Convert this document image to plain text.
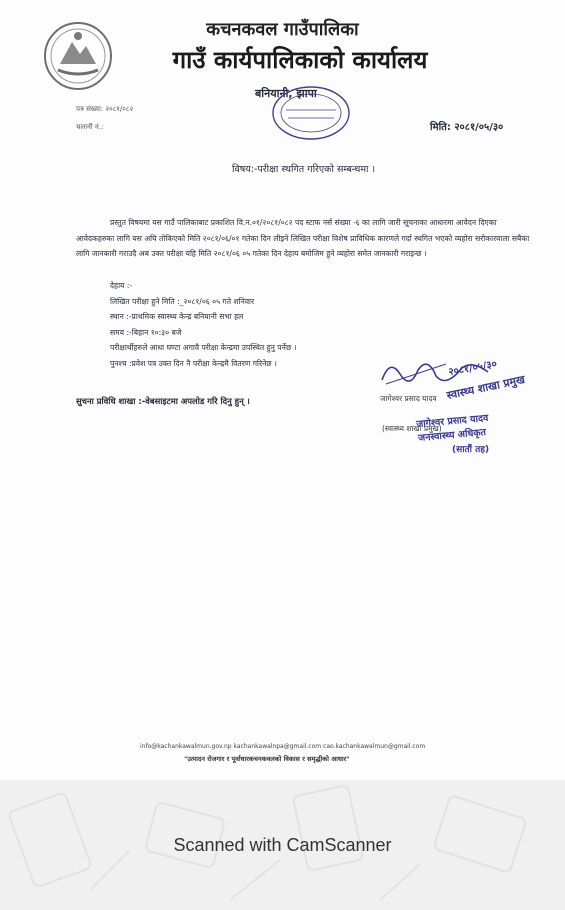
कचनकवल गाउँपालिका
गाउँ कार्यपालिकाको कार्यालय
बनियानी, झापा
पत्र संख्या: २०८१/०८२
चलानी नं.:	मिति: २०८१/०५/३०
विषय:-परीक्षा स्थगित गरिएको सम्बन्धमा ।

प्रस्तुत विषयमा यस गाउँ पालिकाबाट प्रकाशित वि.न.०१/२०८१/०८२ पद स्टाफ नर्स संख्या -६ का लागि जारी सूचनाका आधारमा आवेदन दिएका आवेदकहरुका लागि यस अघि तोकिएको मिति २०८१/०६/०१ गतेका दिन लीइने लिखित परीक्षा विशेष प्राविधिक कारणले गर्दा स्थगित भएको व्यहोरा सरोकारवाला सबैका लागि जानकारी गराउदै अब उक्त परीक्षा यहि मिति २०८१/०६ ०५ गतेका दिन देहाय बमोजिम हुने व्यहोरा समेत जानकारी गराइन्छ ।

देहाय :-
लिखित परीक्षा हुने मिति :_२०८१/०६ ०५ गते शनिवार
स्थान :-प्राथमिक स्वास्थ्य केन्द्र बनियानी सभा हल
समय :-बिहान १०:३० बजे
परीक्षार्थीहरुले आधा घण्टा अगावै परीक्षा केन्द्रमा उपस्थित हुनु पर्नेछ ।
पुनश्च :प्रवेश पत्र उक्त दिन नै परीक्षा केन्द्रमै वितरण गरिनेछ ।
सुचना प्रविधि शाखा :-वेबसाइटमा अपलोड गरि दिनु हुन् ।
२०८१/०५/३०
स्वास्थ्य शाखा प्रमुख
जागेश्वर प्रसाद यादव
(स्वास्थ्य शाखा प्रमुख)
जागेश्वर प्रसाद यादव
जनस्वास्थ्य अधिकृत
(सातौं तह)
info@kachankawalmun.gov.np kachankawalnpa@gmail.com cao.kachankawalmun@gmail.com
"उत्पादन रोजगार र पूर्वाधारकचनकवलको विकास र समृद्धीको आधार"
Scanned with CamScanner
